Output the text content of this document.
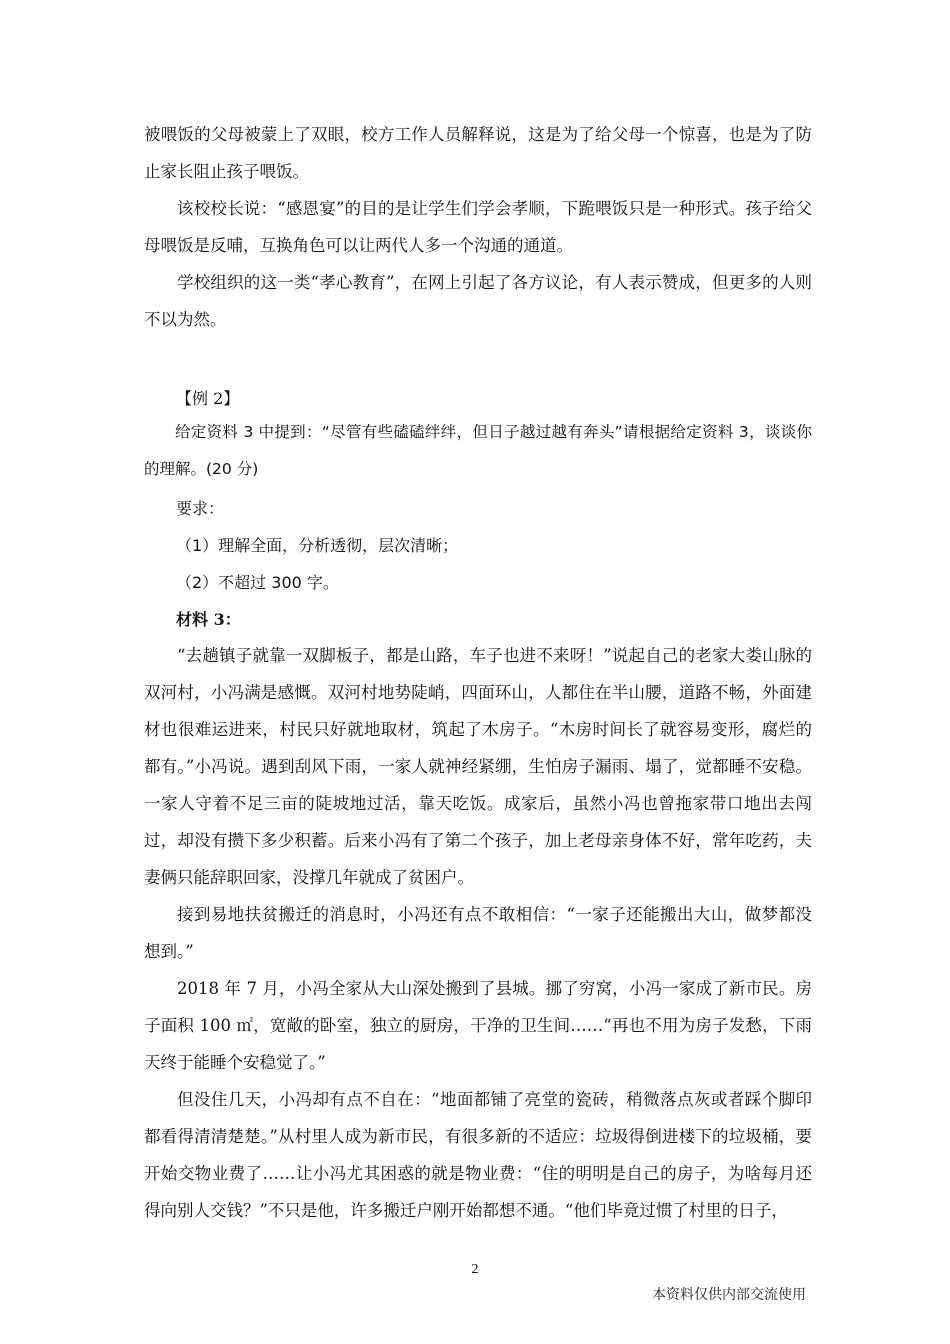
被喂饭的父母被蒙上了双眼，校方工作人员解释说，这是为了给父母一个惊喜，也是为了防止家长阻止孩子喂饭。

该校校长说：“感恩宴”的目的是让学生们学会孝顺，下跪喂饭只是一种形式。孩子给父母喂饭是反哺，互换角色可以让两代人多一个沟通的通道。

学校组织的这一类“孝心教育”，在网上引起了各方议论，有人表示赞成，但更多的人则不以为然。

【例 2】

给定资料 3 中提到：“尽管有些磕磕绊绊，但日子越过越有奔头”请根据给定资料 3，谈谈你的理解。(20 分)

要求：

（1）理解全面，分析透彻，层次清晰；

（2）不超过 300 字。

材料 3：

“去趟镇子就靠一双脚板子，都是山路，车子也进不来呀！”说起自己的老家大娄山脉的双河村，小冯满是感慨。双河村地势陡峭，四面环山，人都住在半山腰，道路不畅，外面建材也很难运进来，村民只好就地取材，筑起了木房子。“木房时间长了就容易变形，腐烂的都有。”小冯说。遇到刮风下雨，一家人就神经紧绷，生怕房子漏雨、塌了，觉都睡不安稳。一家人守着不足三亩的陡坡地过活，靠天吃饭。成家后，虽然小冯也曾拖家带口地出去闯过，却没有攒下多少积蓄。后来小冯有了第二个孩子，加上老母亲身体不好，常年吃药，夫妻俩只能辞职回家，没撑几年就成了贫困户。

接到易地扶贫搬迁的消息时，小冯还有点不敢相信：“一家子还能搬出大山，做梦都没想到。”

2018 年 7 月，小冯全家从大山深处搬到了县城。挪了穷窝，小冯一家成了新市民。房子面积 100 ㎡，宽敞的卧室，独立的厨房，干净的卫生间……“再也不用为房子发愁，下雨天终于能睡个安稳觉了。”

但没住几天，小冯却有点不自在：“地面都铺了亮堂的瓷砖，稍微落点灰或者踩个脚印都看得清清楚楚。”从村里人成为新市民，有很多新的不适应：垃圾得倒进楼下的垃圾桶，要开始交物业费了……让小冯尤其困惑的就是物业费：“住的明明是自己的房子，为啥每月还得向别人交钱？”不只是他，许多搬迁户刚开始都想不通。“他们毕竟过惯了村里的日子，

2
本资料仅供内部交流使用
